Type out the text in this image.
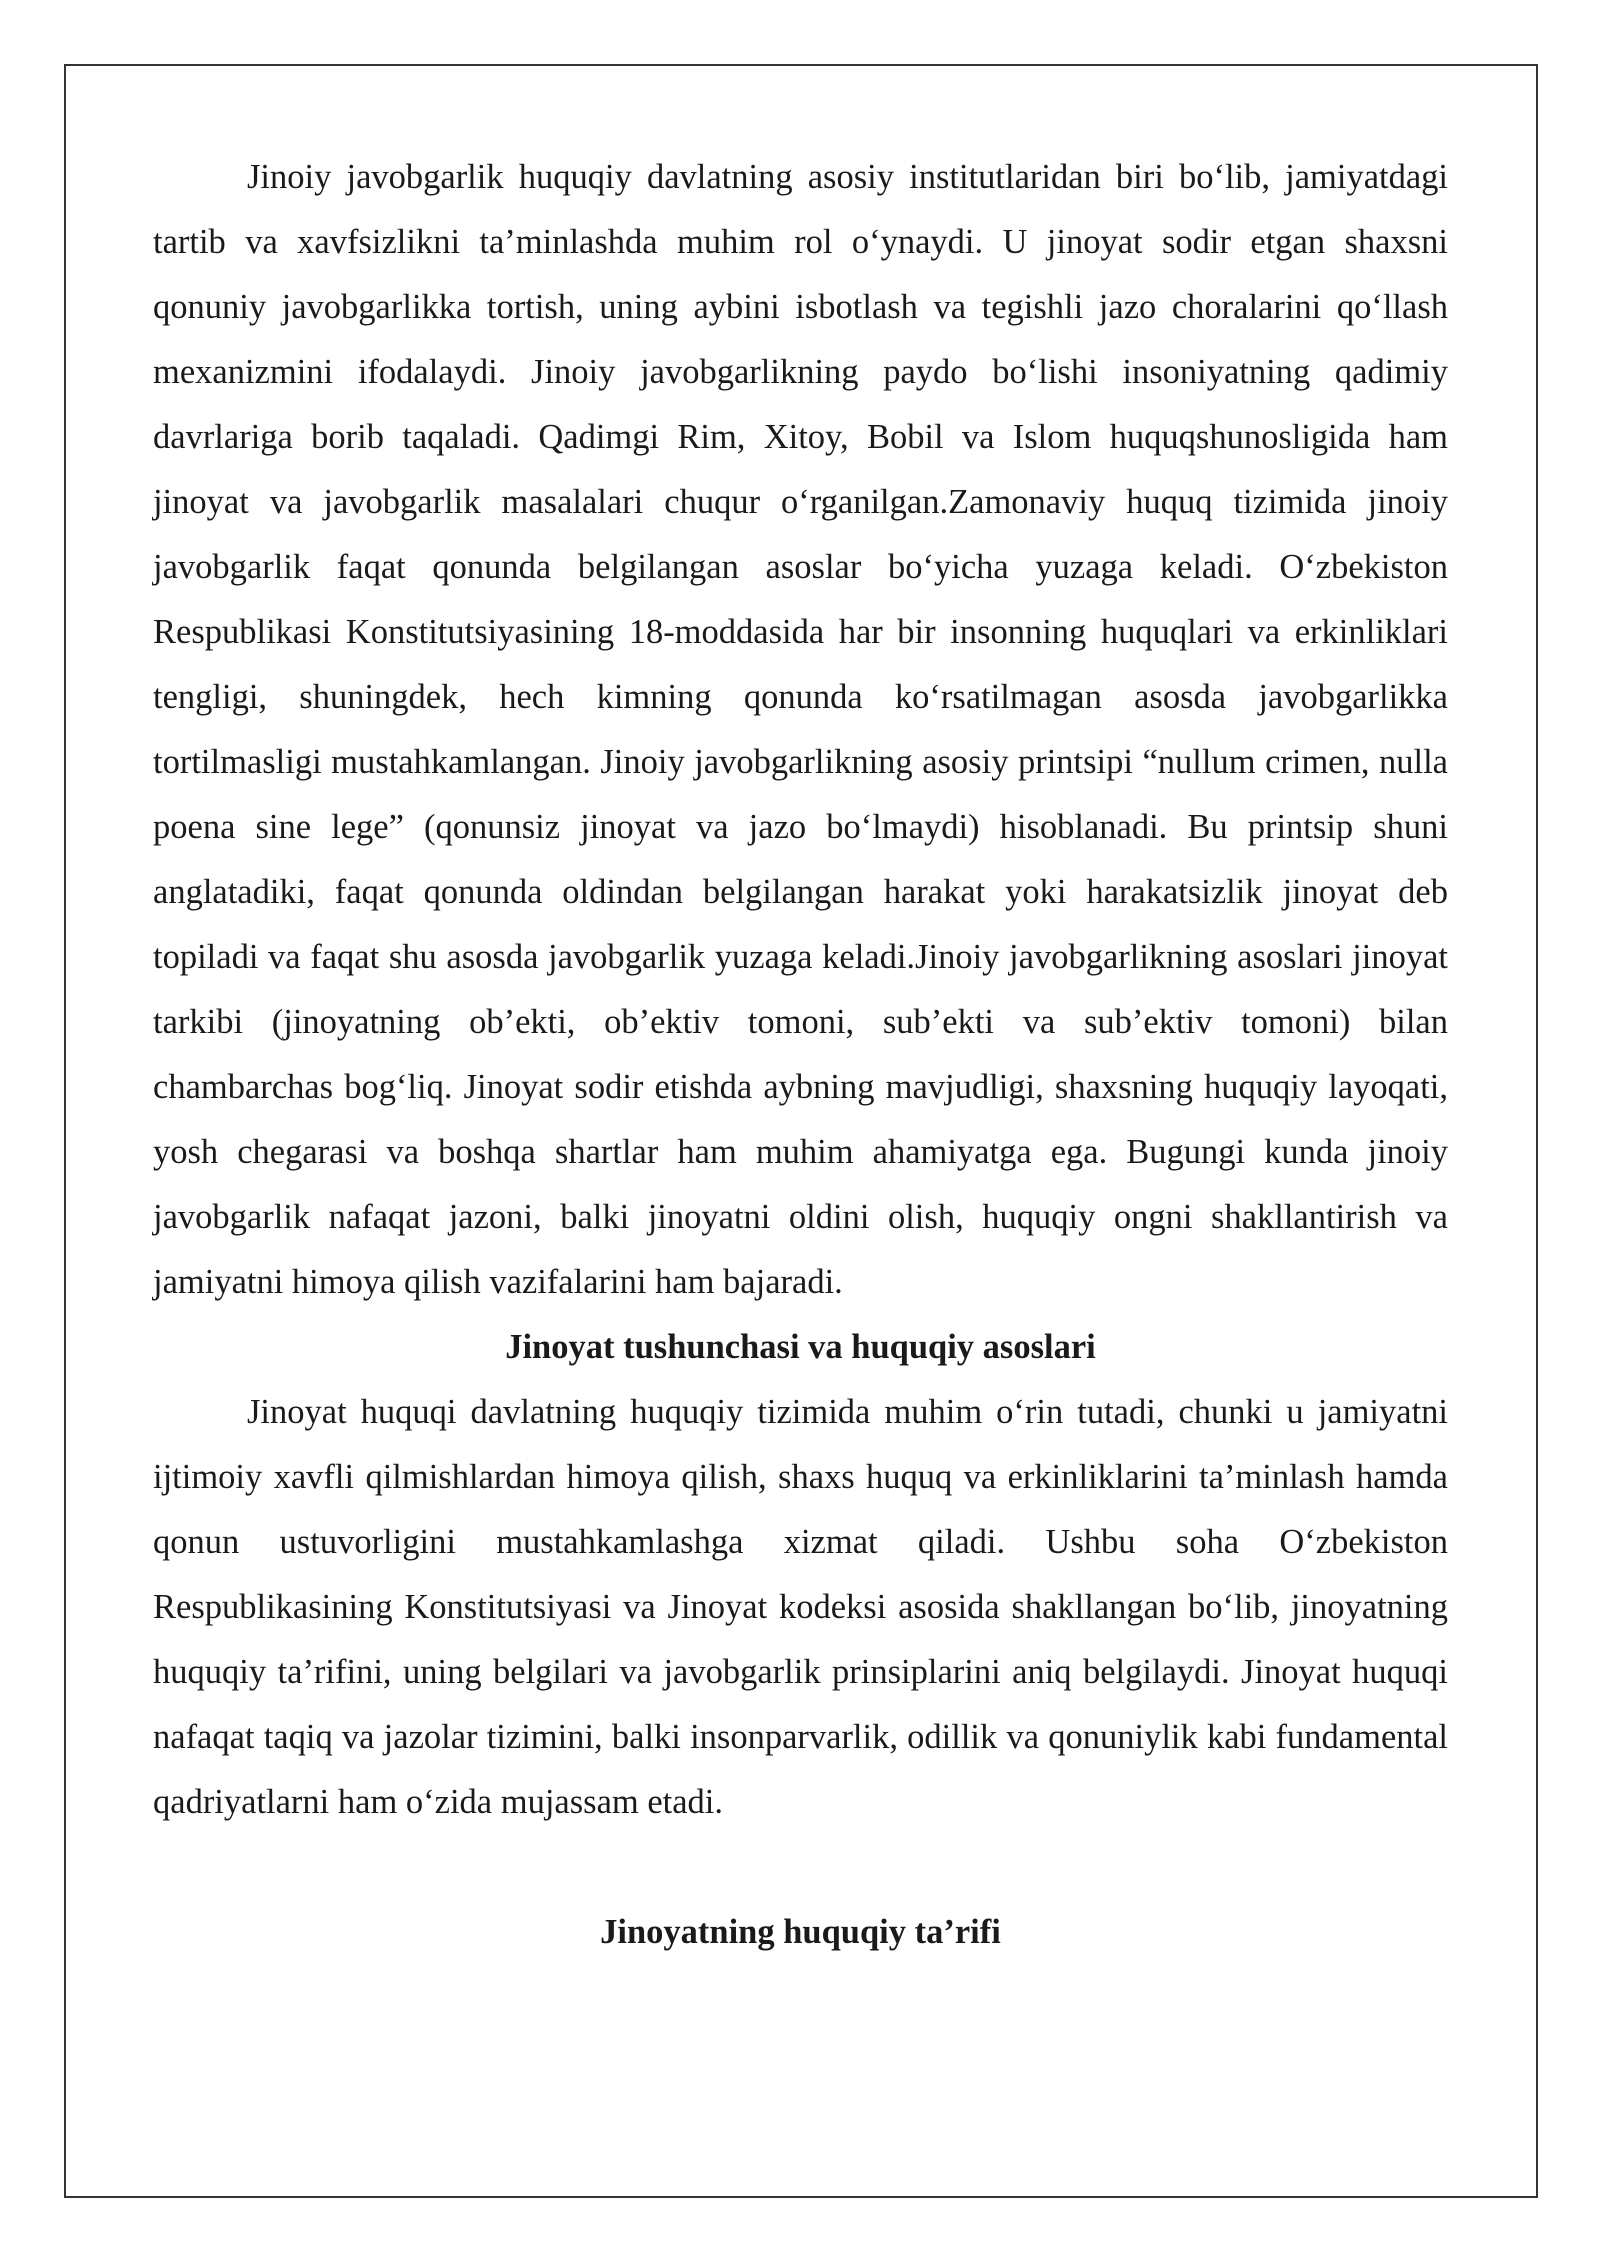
Jinoiy javobgarlik huquqiy davlatning asosiy institutlaridan biri bo‘lib, jamiyatdagi tartib va xavfsizlikni ta’minlashda muhim rol o‘ynaydi. U jinoyat sodir etgan shaxsni qonuniy javobgarlikka tortish, uning aybini isbotlash va tegishli jazo choralarini qo‘llash mexanizmini ifodalaydi. Jinoiy javobgarlikning paydo bo‘lishi insoniyatning qadimiy davrlariga borib taqaladi. Qadimgi Rim, Xitoy, Bobil va Islom huquqshunosligida ham jinoyat va javobgarlik masalalari chuqur o‘rganilgan.Zamonaviy huquq tizimida jinoiy javobgarlik faqat qonunda belgilangan asoslar bo‘yicha yuzaga keladi. O‘zbekiston Respublikasi Konstitutsiyasining 18-moddasida har bir insonning huquqlari va erkinliklari tengligi, shuningdek, hech kimning qonunda ko‘rsatilmagan asosda javobgarlikka tortilmasligi mustahkamlangan. Jinoiy javobgarlikning asosiy printsipi “nullum crimen, nulla poena sine lege” (qonunsiz jinoyat va jazo bo‘lmaydi) hisoblanadi. Bu printsip shuni anglatadiki, faqat qonunda oldindan belgilangan harakat yoki harakatsizlik jinoyat deb topiladi va faqat shu asosda javobgarlik yuzaga keladi.Jinoiy javobgarlikning asoslari jinoyat tarkibi (jinoyatning ob’ekti, ob’ektiv tomoni, sub’ekti va sub’ektiv tomoni) bilan chambarchas bog‘liq. Jinoyat sodir etishda aybning mavjudligi, shaxsning huquqiy layoqati, yosh chegarasi va boshqa shartlar ham muhim ahamiyatga ega. Bugungi kunda jinoiy javobgarlik nafaqat jazoni, balki jinoyatni oldini olish, huquqiy ongni shakllantirish va jamiyatni himoya qilish vazifalarini ham bajaradi.

Jinoyat tushunchasi va huquqiy asoslari

Jinoyat huquqi davlatning huquqiy tizimida muhim o‘rin tutadi, chunki u jamiyatni ijtimoiy xavfli qilmishlardan himoya qilish, shaxs huquq va erkinliklarini ta’minlash hamda qonun ustuvorligini mustahkamlashga xizmat qiladi. Ushbu soha O‘zbekiston Respublikasining Konstitutsiyasi va Jinoyat kodeksi asosida shakllangan bo‘lib, jinoyatning huquqiy ta’rifini, uning belgilari va javobgarlik prinsiplarini aniq belgilaydi. Jinoyat huquqi nafaqat taqiq va jazolar tizimini, balki insonparvarlik, odillik va qonuniylik kabi fundamental qadriyatlarni ham o‘zida mujassam etadi.

Jinoyatning huquqiy ta’rifi
